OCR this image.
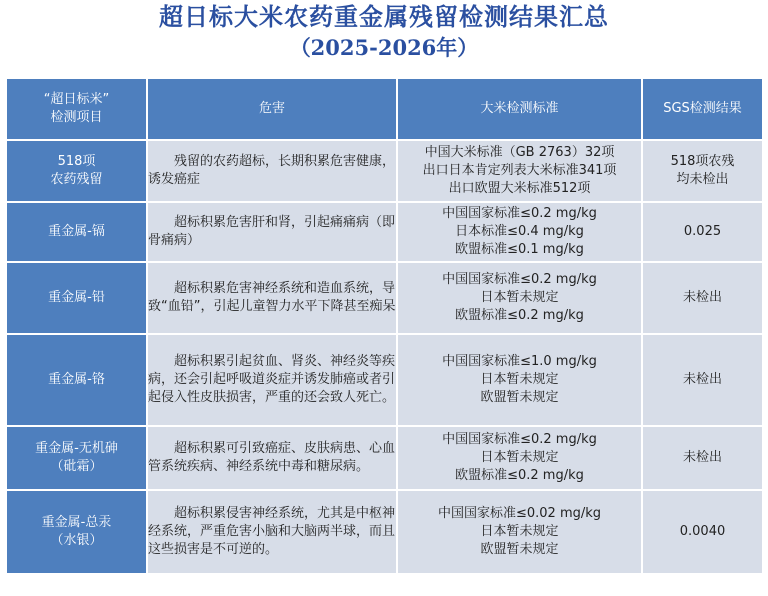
超日标大米农药重金属残留检测结果汇总
（2025-2026年）
“超日标米”
检测项目	危害	大米检测标准	SGS检测结果

518项
农药残留	残留的农药超标，长期积累危害健康，诱发癌症	中国大米标准（GB 2763）32项
出口日本肯定列表大米标准341项
出口欧盟大米标准512项	518项农残
均未检出

重金属-镉	超标积累危害肝和肾，引起痛痛病（即骨痛病）	中国国家标准≤0.2 mg/kg
日本标准≤0.4 mg/kg
欧盟标准≤0.1 mg/kg	0.025

重金属-铅	超标积累危害神经系统和造血系统，导致“血铅”，引起儿童智力水平下降甚至痴呆	中国国家标准≤0.2 mg/kg
日本暂未规定
欧盟标准≤0.2 mg/kg	未检出

重金属-铬	超标积累引起贫血、肾炎、神经炎等疾病，还会引起呼吸道炎症并诱发肺癌或者引起侵入性皮肤损害，严重的还会致人死亡。	中国国家标准≤1.0 mg/kg
日本暂未规定
欧盟暂未规定	未检出

重金属-无机砷
（砒霜）	超标积累可引致癌症、皮肤病患、心血管系统疾病、神经系统中毒和糖尿病。	中国国家标准≤0.2 mg/kg
日本暂未规定
欧盟标准≤0.2 mg/kg	未检出

重金属-总汞
（水银）	超标积累侵害神经系统，尤其是中枢神经系统，严重危害小脑和大脑两半球，而且这些损害是不可逆的。	中国国家标准≤0.02 mg/kg
日本暂未规定
欧盟暂未规定	0.0040
